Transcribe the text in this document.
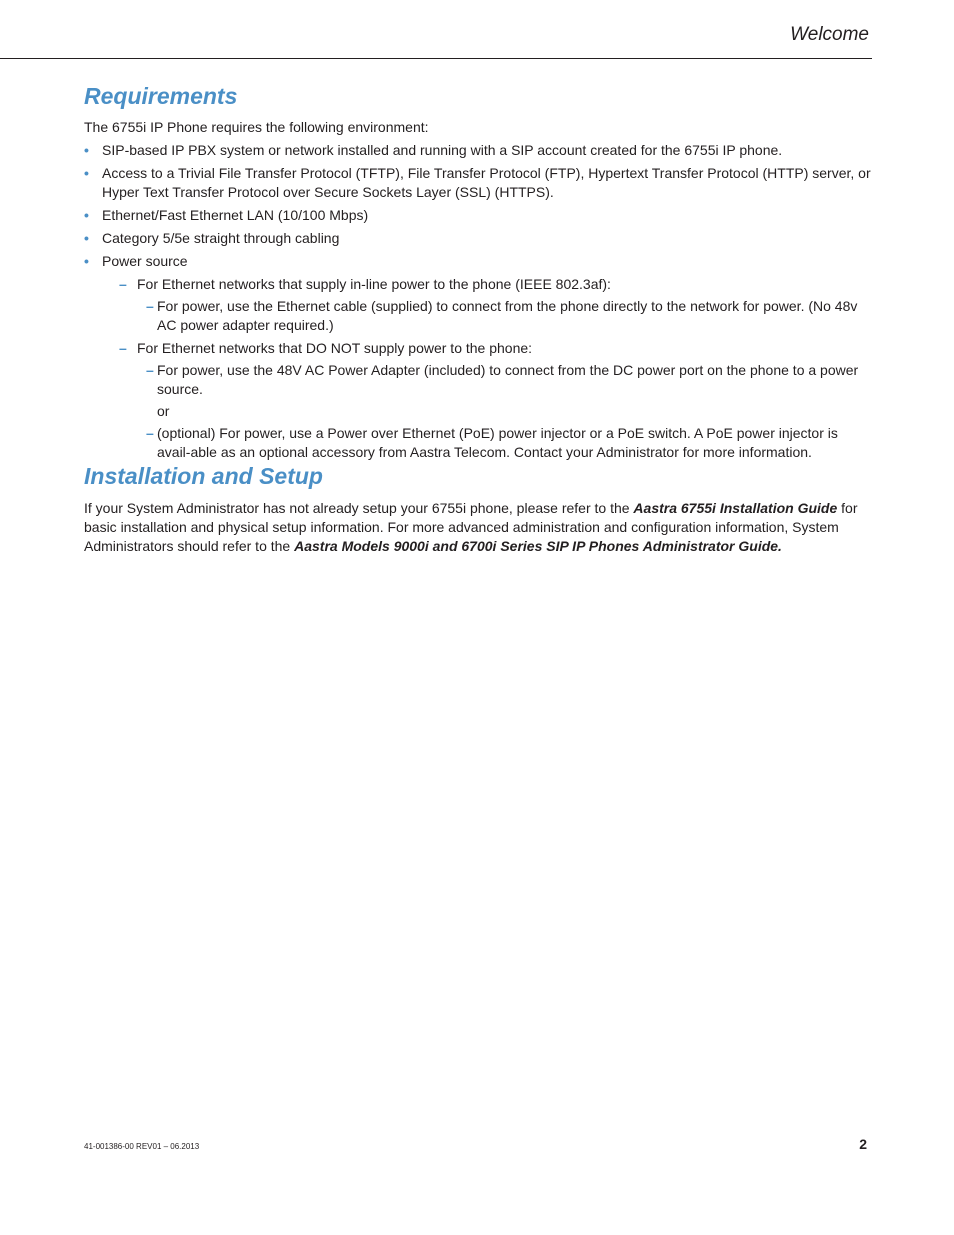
Welcome
Requirements

The 6755i IP Phone requires the following environment:

• SIP-based IP PBX system or network installed and running with a SIP account created for the 6755i IP phone.
• Access to a Trivial File Transfer Protocol (TFTP), File Transfer Protocol (FTP), Hypertext Transfer Protocol (HTTP) server, or Hyper Text Transfer Protocol over Secure Sockets Layer (SSL) (HTTPS).
• Ethernet/Fast Ethernet LAN (10/100 Mbps)
• Category 5/5e straight through cabling
• Power source
– For Ethernet networks that supply in-line power to the phone (IEEE 802.3af):
– For power, use the Ethernet cable (supplied) to connect from the phone directly to the network for power. (No 48v AC power adapter required.)
– For Ethernet networks that DO NOT supply power to the phone:
– For power, use the 48V AC Power Adapter (included) to connect from the DC power port on the phone to a power source.
or
– (optional) For power, use a Power over Ethernet (PoE) power injector or a PoE switch. A PoE power injector is avail-able as an optional accessory from Aastra Telecom. Contact your Administrator for more information.
Installation and Setup

If your System Administrator has not already setup your 6755i phone, please refer to the Aastra 6755i Installation Guide for basic installation and physical setup information. For more advanced administration and configuration information, System Administrators should refer to the Aastra Models 9000i and 6700i Series SIP IP Phones Administrator Guide.

41-001386-00 REV01 – 06.2013	2
